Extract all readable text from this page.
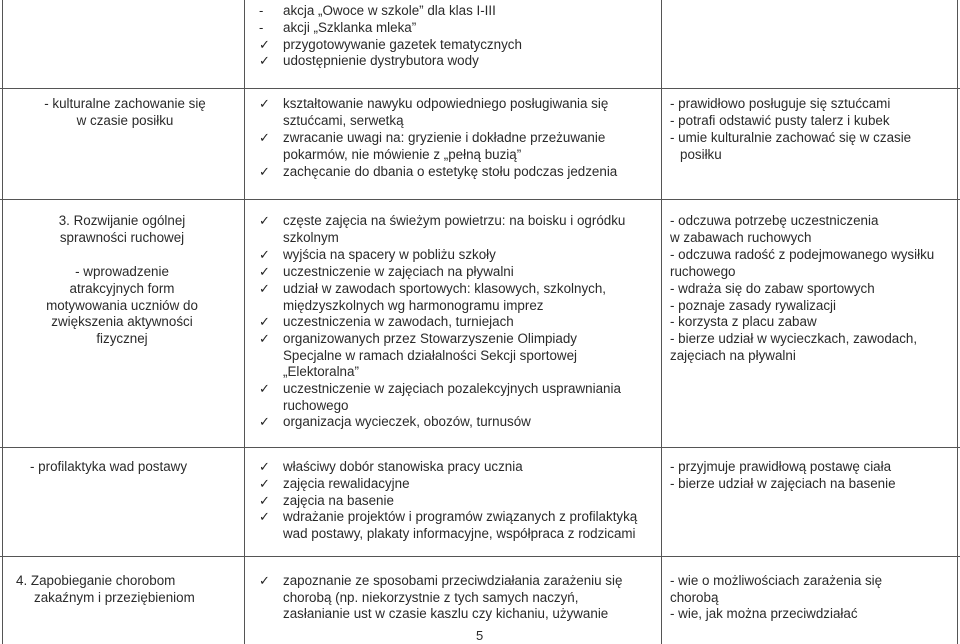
- akcja „Owoce w szkole” dla klas I-III
- akcji „Szklanka mleka”
✓ przygotowywanie gazetek tematycznych
✓ udostępnienie dystrybutora wody
- kulturalne zachowanie się
w czasie posiłku
✓ kształtowanie nawyku odpowiedniego posługiwania się
sztućcami, serwetką
✓ zwracanie uwagi na: gryzienie i dokładne przeżuwanie
pokarmów, nie mówienie z „pełną buzią”
✓ zachęcanie do dbania o estetykę stołu podczas jedzenia
- prawidłowo posługuje się sztućcami
- potrafi odstawić pusty talerz i kubek
- umie kulturalnie zachować się w czasie
posiłku
3. Rozwijanie ogólnej
sprawności ruchowej
- wprowadzenie
atrakcyjnych form
motywowania uczniów do
zwiększenia aktywności
fizycznej
✓ częste zajęcia na świeżym powietrzu: na boisku i ogródku
szkolnym
✓ wyjścia na spacery w pobliżu szkoły
✓ uczestniczenie w zajęciach na pływalni
✓ udział w zawodach sportowych: klasowych, szkolnych,
międzyszkolnych wg harmonogramu imprez
✓ uczestniczenia w zawodach, turniejach
✓ organizowanych przez Stowarzyszenie Olimpiady
Specjalne w ramach działalności Sekcji sportowej
„Elektoralna”
✓ uczestniczenie w zajęciach pozalekcyjnych usprawniania
ruchowego
✓ organizacja wycieczek, obozów, turnusów
- odczuwa potrzebę uczestniczenia
w zabawach ruchowych
- odczuwa radość z podejmowanego wysiłku
ruchowego
- wdraża się do zabaw sportowych
- poznaje zasady rywalizacji
- korzysta z placu zabaw
- bierze udział w wycieczkach, zawodach,
zajęciach na pływalni
- profilaktyka wad postawy	✓ właściwy dobór stanowiska pracy ucznia
✓ zajęcia rewalidacyjne
✓ zajęcia na basenie
✓ wdrażanie projektów i programów związanych z profilaktyką
wad postawy, plakaty informacyjne, współpraca z rodzicami
- przyjmuje prawidłową postawę ciała
- bierze udział w zajęciach na basenie
4. Zapobieganie chorobom
zakaźnym i przeziębieniom
✓ zapoznanie ze sposobami przeciwdziałania zarażeniu się
chorobą (np. niekorzystnie z tych samych naczyń,
zasłanianie ust w czasie kaszlu czy kichaniu, używanie
- wie o możliwościach zarażenia się
chorobą
- wie, jak można przeciwdziałać
5
